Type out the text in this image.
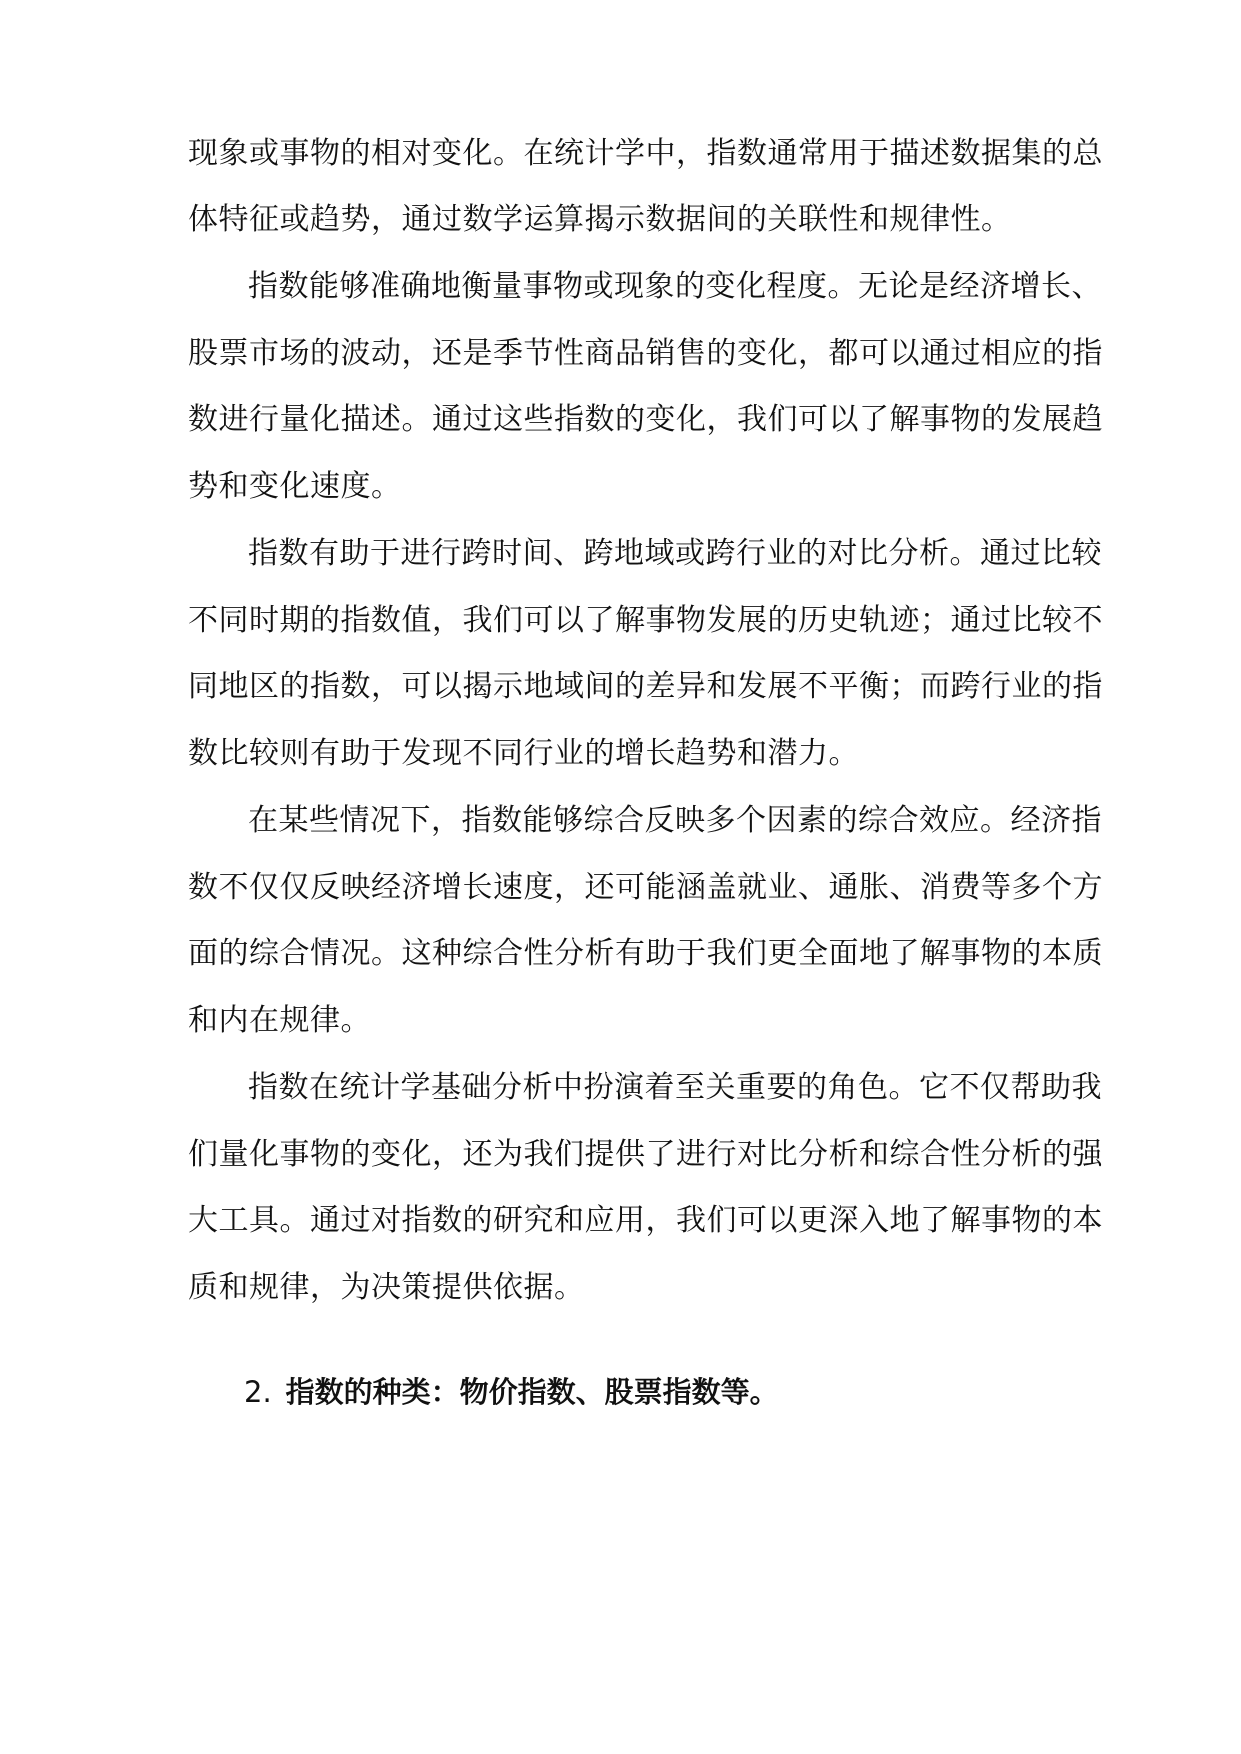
现象或事物的相对变化。在统计学中，指数通常用于描述数据集的总
体特征或趋势，通过数学运算揭示数据间的关联性和规律性。
指数能够准确地衡量事物或现象的变化程度。无论是经济增长、
股票市场的波动，还是季节性商品销售的变化，都可以通过相应的指
数进行量化描述。通过这些指数的变化，我们可以了解事物的发展趋
势和变化速度。
指数有助于进行跨时间、跨地域或跨行业的对比分析。通过比较
不同时期的指数值，我们可以了解事物发展的历史轨迹；通过比较不
同地区的指数，可以揭示地域间的差异和发展不平衡；而跨行业的指
数比较则有助于发现不同行业的增长趋势和潜力。
在某些情况下，指数能够综合反映多个因素的综合效应。经济指
数不仅仅反映经济增长速度，还可能涵盖就业、通胀、消费等多个方
面的综合情况。这种综合性分析有助于我们更全面地了解事物的本质
和内在规律。
指数在统计学基础分析中扮演着至关重要的角色。它不仅帮助我
们量化事物的变化，还为我们提供了进行对比分析和综合性分析的强
大工具。通过对指数的研究和应用，我们可以更深入地了解事物的本
质和规律，为决策提供依据。
2. 指数的种类：物价指数、股票指数等。
